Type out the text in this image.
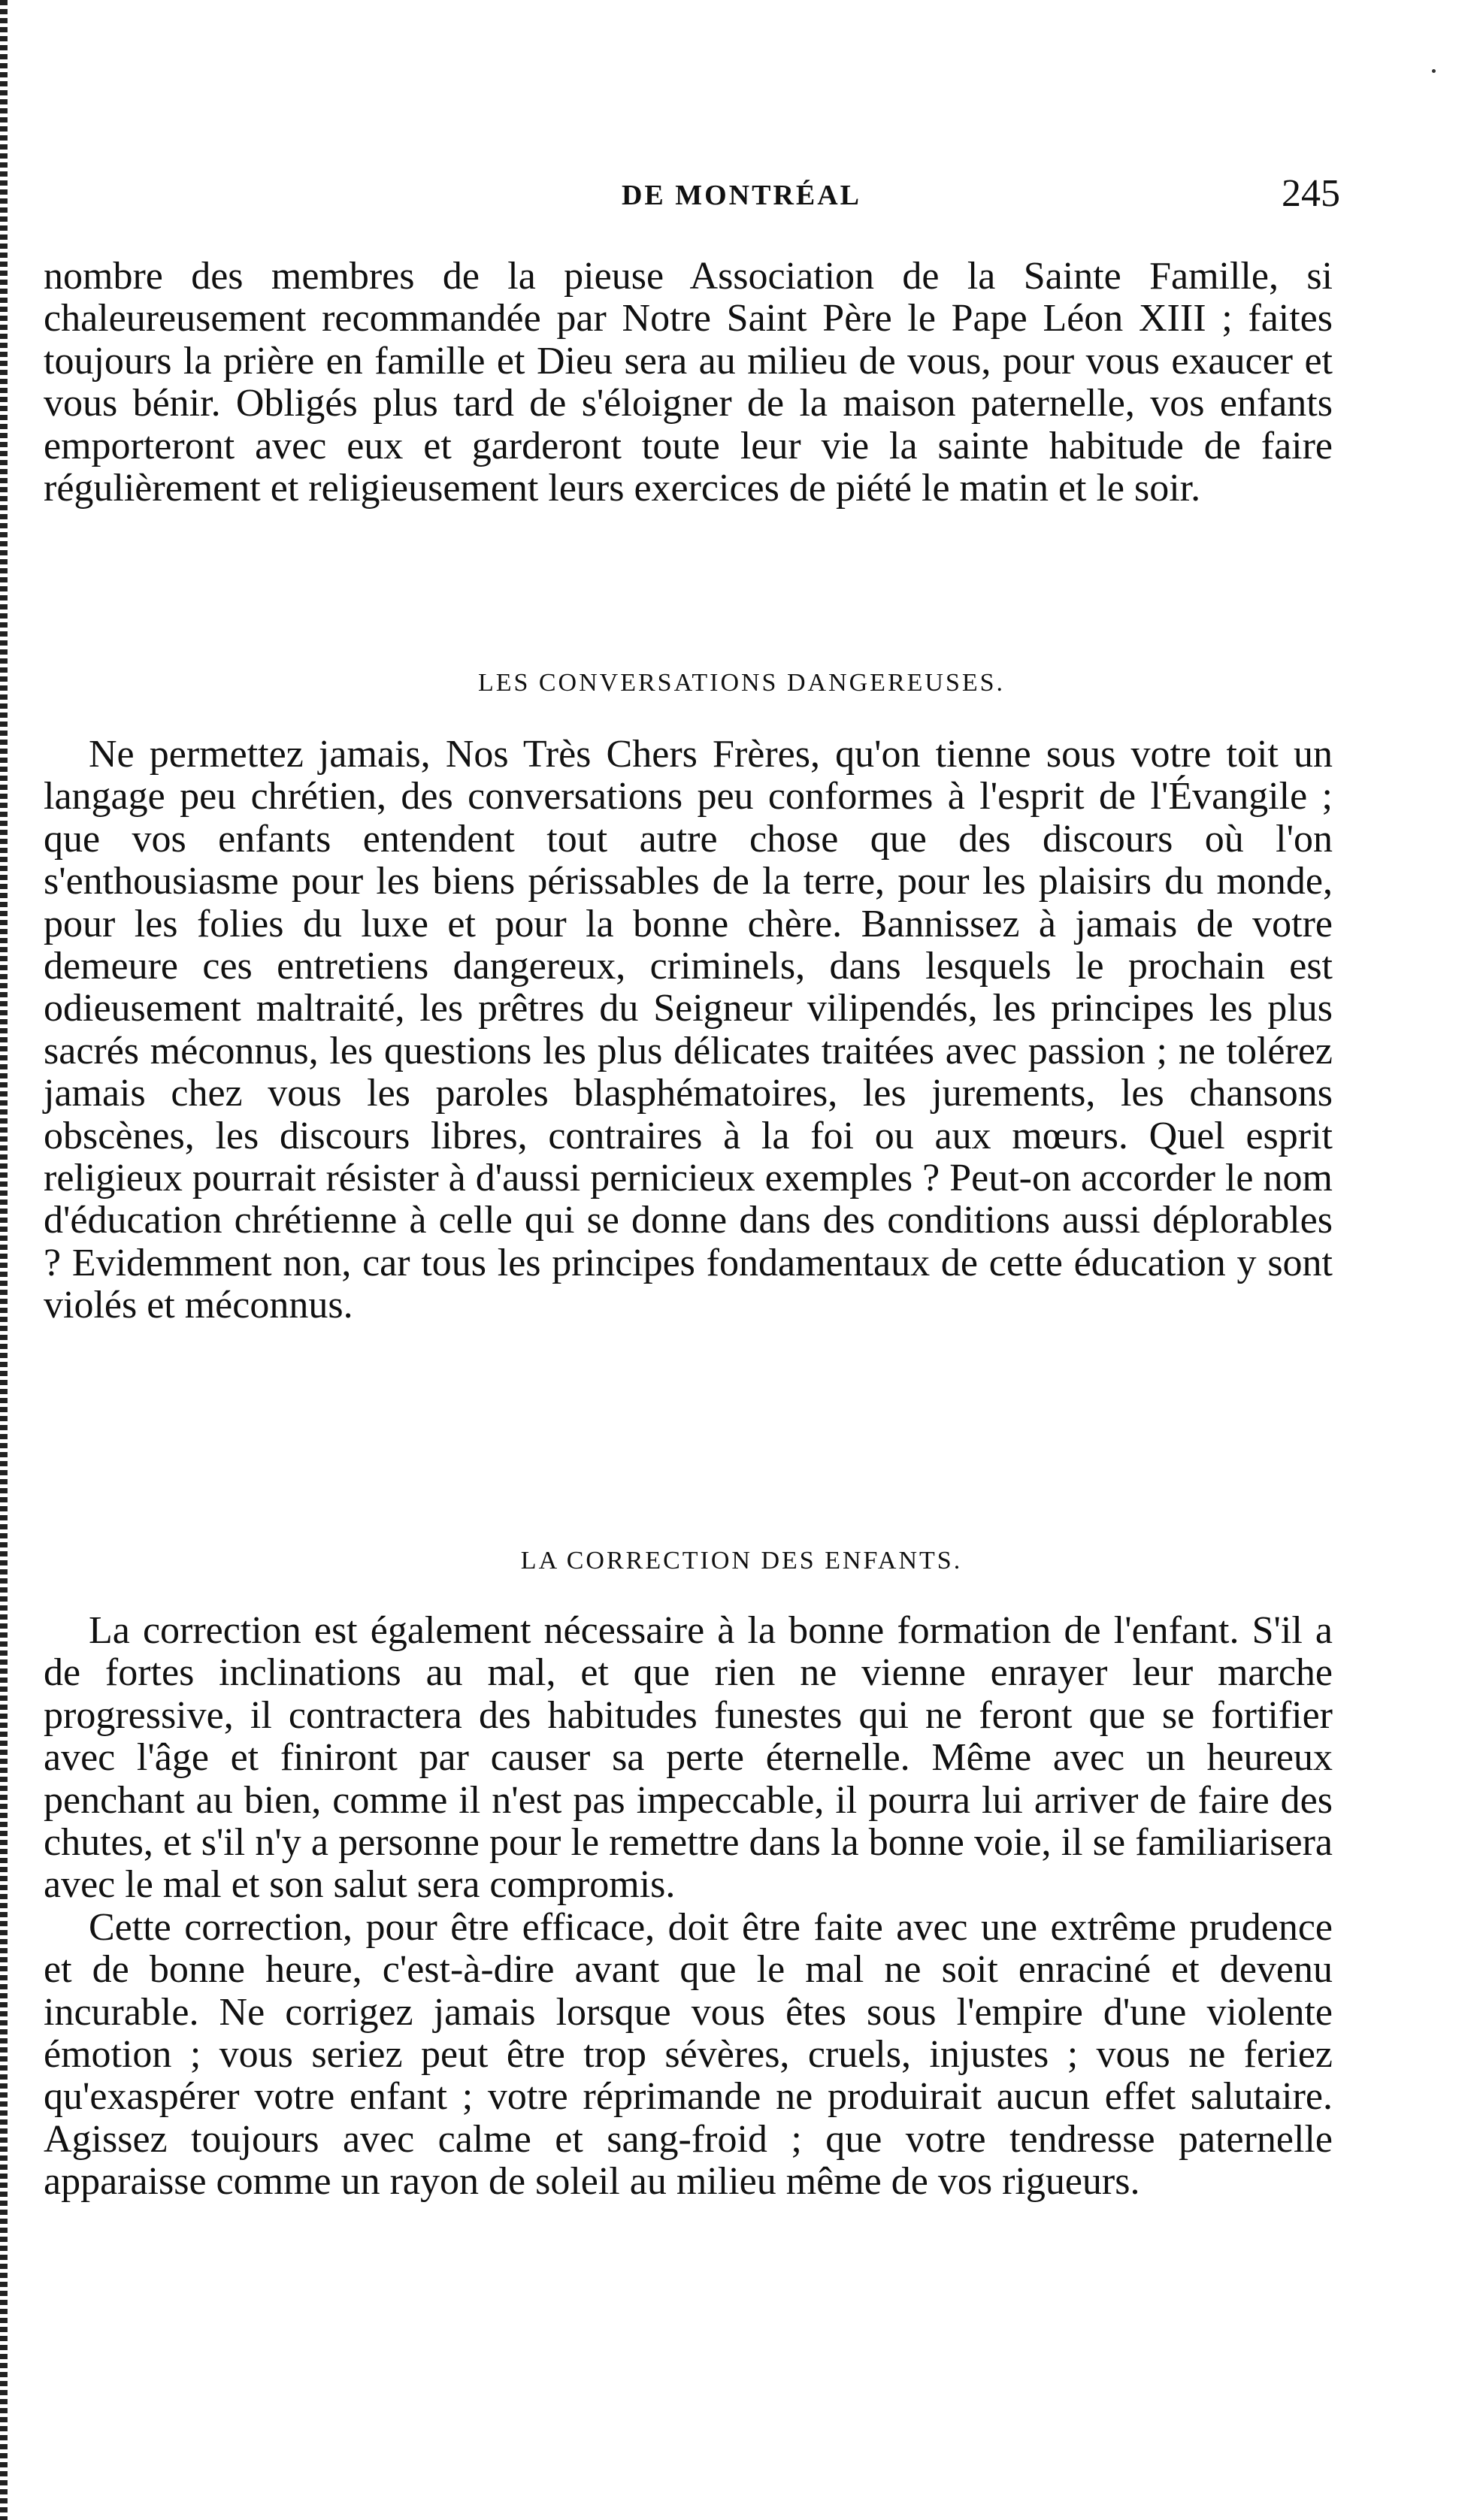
DE MONTRÉAL	245

nombre des membres de la pieuse Association de la Sainte Famille, si chaleureusement recommandée par Notre Saint Père le Pape Léon XIII ; faites toujours la prière en famille et Dieu sera au milieu de vous, pour vous exaucer et vous bénir. Obligés plus tard de s'éloigner de la maison paternelle, vos enfants emporteront avec eux et garderont toute leur vie la sainte habitude de faire régulièrement et religieusement leurs exercices de piété le matin et le soir.

LES CONVERSATIONS DANGEREUSES.

Ne permettez jamais, Nos Très Chers Frères, qu'on tienne sous votre toit un langage peu chrétien, des conversations peu conformes à l'esprit de l'Évangile ; que vos enfants entendent tout autre chose que des discours où l'on s'enthousiasme pour les biens périssables de la terre, pour les plaisirs du monde, pour les folies du luxe et pour la bonne chère. Bannissez à jamais de votre demeure ces entretiens dangereux, criminels, dans lesquels le prochain est odieusement maltraité, les prêtres du Seigneur vilipendés, les principes les plus sacrés méconnus, les questions les plus délicates traitées avec passion ; ne tolérez jamais chez vous les paroles blasphématoires, les jurements, les chansons obscènes, les discours libres, contraires à la foi ou aux mœurs. Quel esprit religieux pourrait résister à d'aussi pernicieux exemples ? Peut-on accorder le nom d'éducation chrétienne à celle qui se donne dans des conditions aussi déplorables ? Evidemment non, car tous les principes fondamentaux de cette éducation y sont violés et méconnus.

LA CORRECTION DES ENFANTS.

La correction est également nécessaire à la bonne formation de l'enfant. S'il a de fortes inclinations au mal, et que rien ne vienne enrayer leur marche progressive, il contractera des habitudes funestes qui ne feront que se fortifier avec l'âge et finiront par causer sa perte éternelle. Même avec un heureux penchant au bien, comme il n'est pas impeccable, il pourra lui arriver de faire des chutes, et s'il n'y a personne pour le remettre dans la bonne voie, il se familiarisera avec le mal et son salut sera compromis.

Cette correction, pour être efficace, doit être faite avec une extrême prudence et de bonne heure, c'est-à-dire avant que le mal ne soit enraciné et devenu incurable. Ne corrigez jamais lorsque vous êtes sous l'empire d'une violente émotion ; vous seriez peut être trop sévères, cruels, injustes ; vous ne feriez qu'exaspérer votre enfant ; votre réprimande ne produirait aucun effet salutaire. Agissez toujours avec calme et sang-froid ; que votre tendresse paternelle apparaisse comme un rayon de soleil au milieu même de vos rigueurs.
